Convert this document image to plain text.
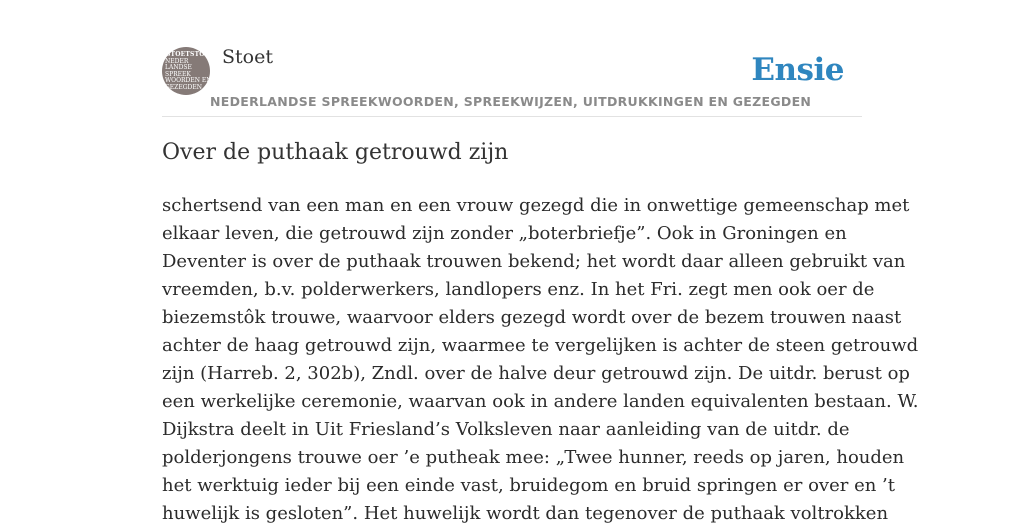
STOETSTOET
NEDER
LANDSE
SPREEK
WOORDEN EN
GEZEGDEN
Stoet	Ensie
NEDERLANDSE SPREEKWOORDEN, SPREEKWIJZEN, UITDRUKKINGEN EN GEZEGDEN
Over de puthaak getrouwd zijn

schertsend van een man en een vrouw gezegd die in onwettige gemeenschap met
elkaar leven, die getrouwd zijn zonder „boterbriefje”. Ook in Groningen en
Deventer is over de puthaak trouwen bekend; het wordt daar alleen gebruikt van
vreemden, b.v. polderwerkers, landlopers enz. In het Fri. zegt men ook oer de
biezemstôk trouwe, waarvoor elders gezegd wordt over de bezem trouwen naast
achter de haag getrouwd zijn, waarmee te vergelijken is achter de steen getrouwd
zijn (Harreb. 2, 302b), Zndl. over de halve deur getrouwd zijn. De uitdr. berust op
een werkelijke ceremonie, waarvan ook in andere landen equivalenten bestaan. W.
Dijkstra deelt in Uit Friesland’s Volksleven naar aanleiding van de uitdr. de
polderjongens trouwe oer ’e putheak mee: „Twee hunner, reeds op jaren, houden
het werktuig ieder bij een einde vast, bruidegom en bruid springen er over en ’t
huwelijk is gesloten”. Het huwelijk wordt dan tegenover de puthaak voltrokken
